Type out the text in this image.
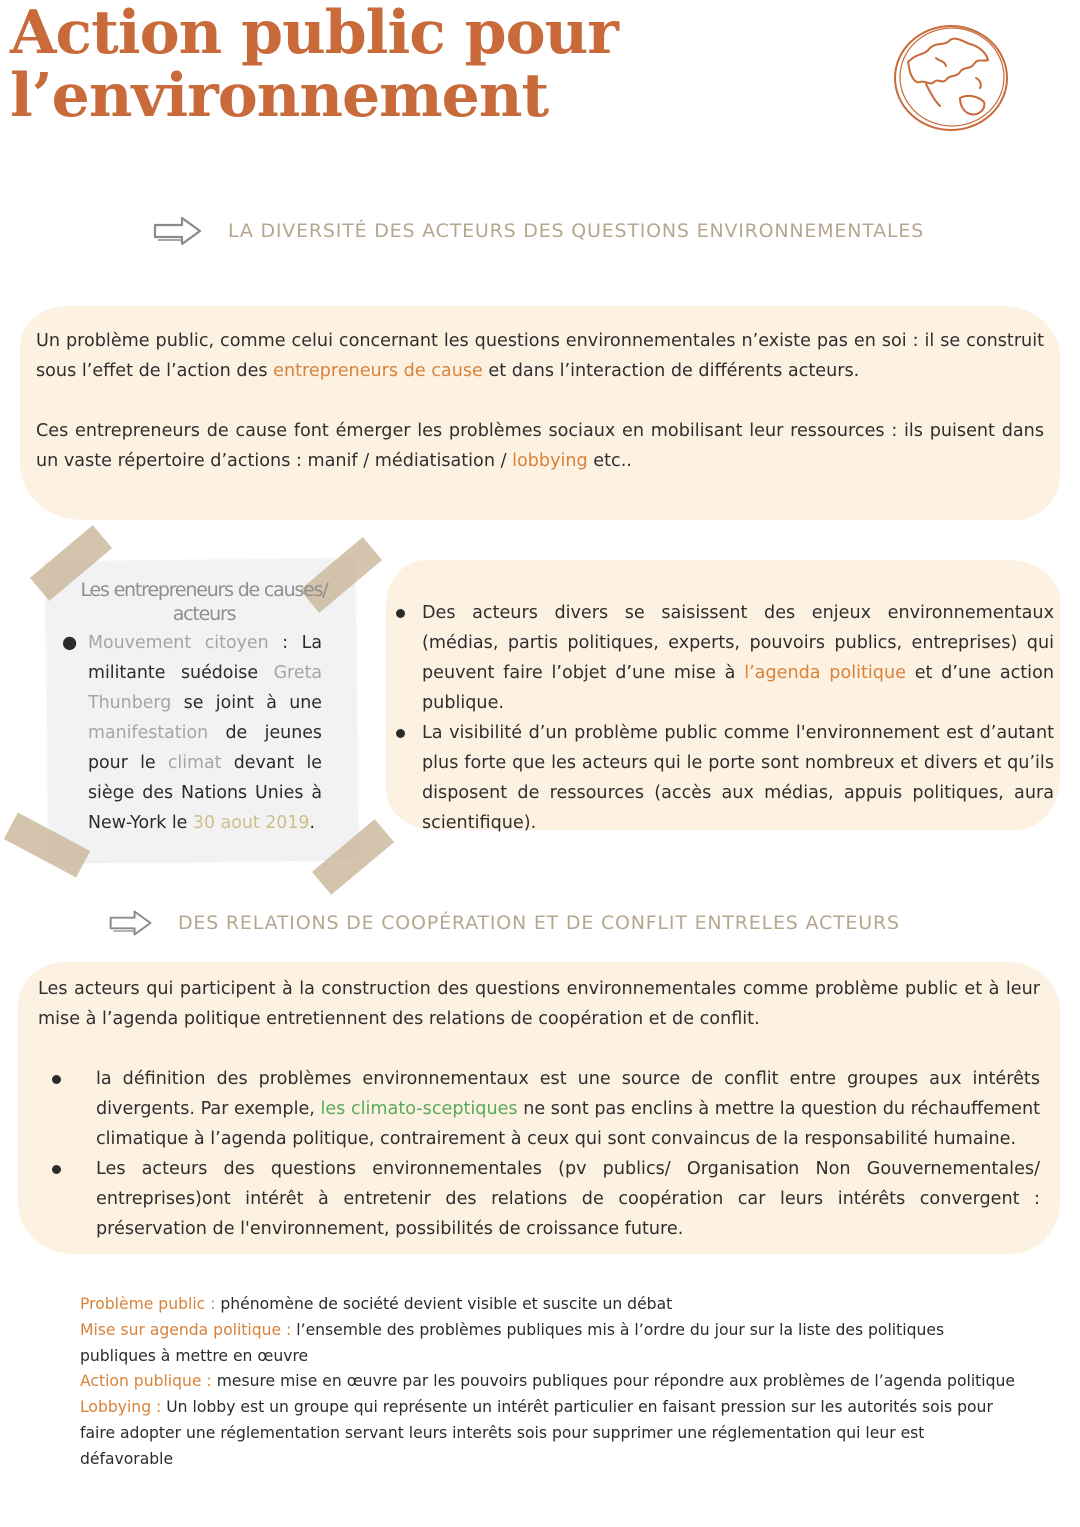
Action public pour
l’environnement
LA DIVERSITÉ DES ACTEURS DES QUESTIONS ENVIRONNEMENTALES

Un problème public, comme celui concernant les questions environnementales n’existe pas en soi : il se construit sous l’effet de l’action des entrepreneurs de cause et dans l’interaction de différents acteurs.

Ces entrepreneurs de cause font émerger les problèmes sociaux en mobilisant leur ressources : ils puisent dans un vaste répertoire d’actions : manif / médiatisation / lobbying etc..

Les entrepreneurs de causes/ acteurs
● Mouvement citoyen : La militante suédoise Greta Thunberg se joint à une manifestation de jeunes pour le climat devant le siège des Nations Unies à New-York le 30 aout 2019.
Des acteurs divers se saisissent des enjeux environnementaux (médias, partis politiques, experts, pouvoirs publics, entreprises) qui peuvent faire l’objet d’une mise à l’agenda politique et d’une action publique.
La visibilité d’un problème public comme l'environnement est d’autant plus forte que les acteurs qui le porte sont nombreux et divers et qu’ils disposent de ressources (accès aux médias, appuis politiques, aura scientifique).
DES RELATIONS DE COOPÉRATION ET DE CONFLIT ENTRELES ACTEURS

Les acteurs qui participent à la construction des questions environnementales comme problème public et à leur mise à l’agenda politique entretiennent des relations de coopération et de conflit.

la définition des problèmes environnementaux est une source de conflit entre groupes aux intérêts divergents. Par exemple, les climato-sceptiques ne sont pas enclins à mettre la question du réchauffement climatique à l’agenda politique, contrairement à ceux qui sont convaincus de la responsabilité humaine.
Les acteurs des questions environnementales (pv publics/ Organisation Non Gouvernementales/ entreprises)ont intérêt à entretenir des relations de coopération car leurs intérêts convergent : préservation de l'environnement, possibilités de croissance future.

Problème public : phénomène de société devient visible et suscite un débat

Mise sur agenda politique : l’ensemble des problèmes publiques mis à l’ordre du jour sur la liste des politiques publiques à mettre en œuvre

Action publique : mesure mise en œuvre par les pouvoirs publiques pour répondre aux problèmes de l’agenda politique

Lobbying : Un lobby est un groupe qui représente un intérêt particulier en faisant pression sur les autorités sois pour faire adopter une réglementation servant leurs interêts sois pour supprimer une réglementation qui leur est défavorable
